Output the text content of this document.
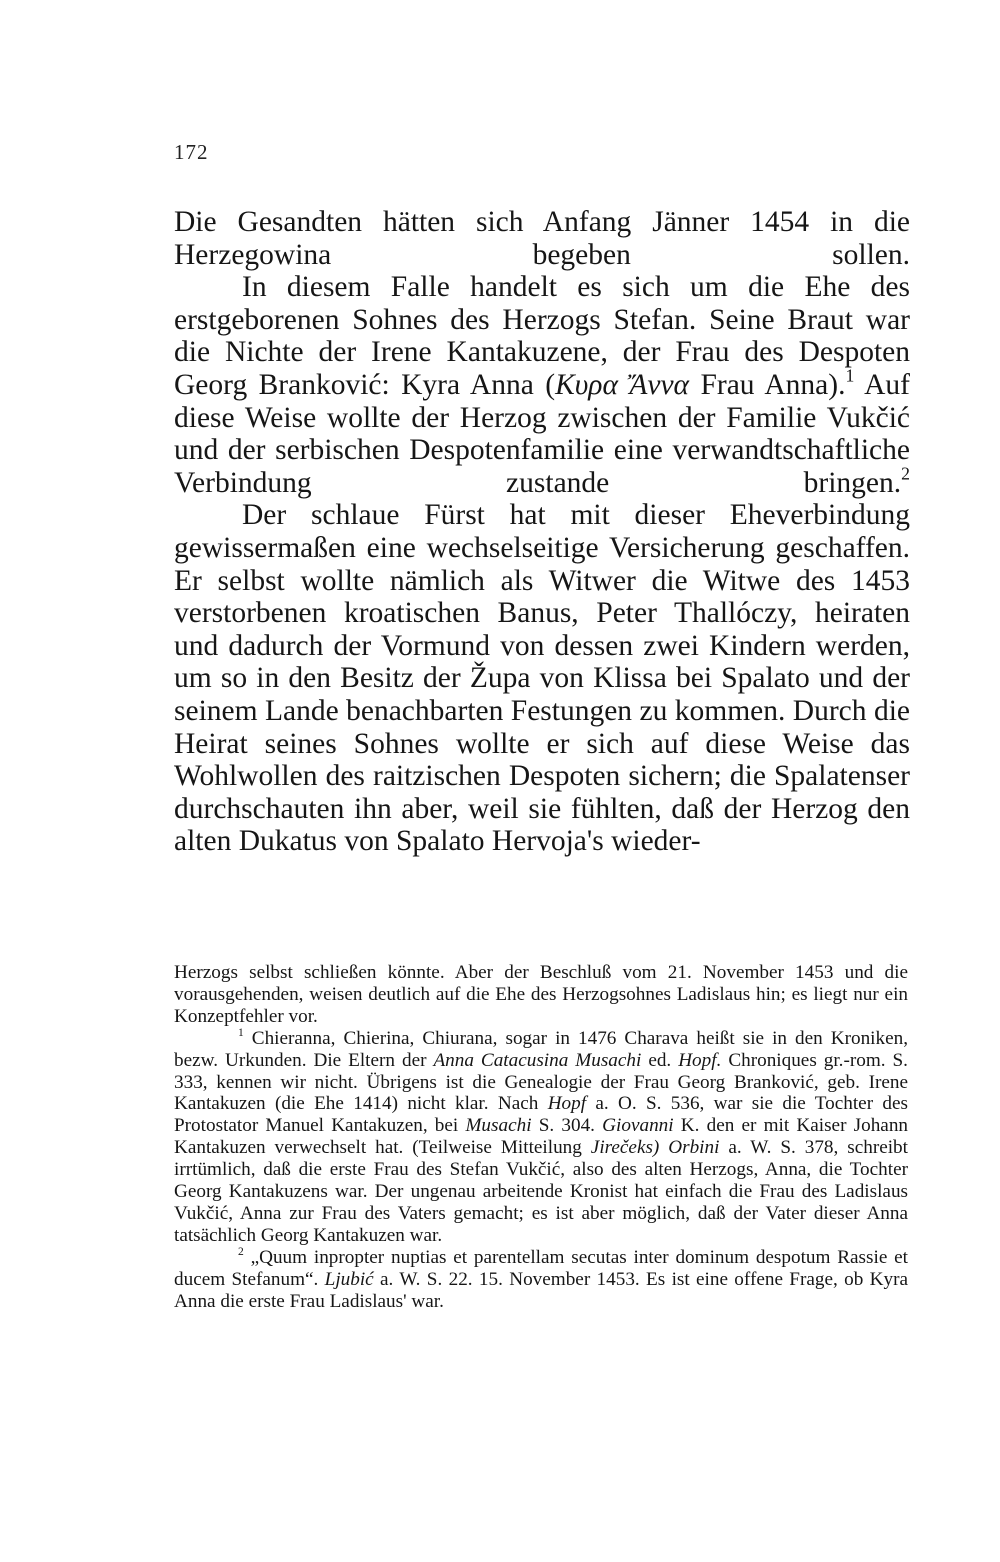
172

Die Gesandten hätten sich Anfang Jänner 1454 in die Herzegowina begeben sollen.

In diesem Falle handelt es sich um die Ehe des erstgeborenen Sohnes des Herzogs Stefan. Seine Braut war die Nichte der Irene Kantakuzene, der Frau des Despoten Georg Branković: Kyra Anna (Κυρα Ἄννα Frau Anna).$^1$ Auf diese Weise wollte der Herzog zwischen der Familie Vukčić und der serbischen Despotenfamilie eine verwandtschaftliche Verbindung zustande bringen.$^2$

Der schlaue Fürst hat mit dieser Eheverbindung gewissermaßen eine wechselseitige Versicherung geschaffen. Er selbst wollte nämlich als Witwer die Witwe des 1453 verstorbenen kroatischen Banus, Peter Thallóczy, heiraten und dadurch der Vormund von dessen zwei Kindern werden, um so in den Besitz der Župa von Klissa bei Spalato und der seinem Lande benachbarten Festungen zu kommen. Durch die Heirat seines Sohnes wollte er sich auf diese Weise das Wohlwollen des raitzischen Despoten sichern; die Spalatenser durchschauten ihn aber, weil sie fühlten, daß der Herzog den alten Dukatus von Spalato Hervoja's wieder-

Herzogs selbst schließen könnte. Aber der Beschluß vom 21. November 1453 und die vorausgehenden, weisen deutlich auf die Ehe des Herzogsohnes Ladislaus hin; es liegt nur ein Konzeptfehler vor.

$^1$ Chieranna, Chierina, Chiurana, sogar in 1476 Charava heißt sie in den Kroniken, bezw. Urkunden. Die Eltern der Anna Catacusina Musachi ed. Hopf. Chroniques gr.-rom. S. 333, kennen wir nicht. Übrigens ist die Genealogie der Frau Georg Branković, geb. Irene Kantakuzen (die Ehe 1414) nicht klar. Nach Hopf a. O. S. 536, war sie die Tochter des Protostator Manuel Kantakuzen, bei Musachi S. 304. Giovanni K. den er mit Kaiser Johann Kantakuzen verwechselt hat. (Teilweise Mitteilung Jirečeks) Orbini a. W. S. 378, schreibt irrtümlich, daß die erste Frau des Stefan Vukčić, also des alten Herzogs, Anna, die Tochter Georg Kantakuzens war. Der ungenau arbeitende Kronist hat einfach die Frau des Ladislaus Vukčić, Anna zur Frau des Vaters gemacht; es ist aber möglich, daß der Vater dieser Anna tatsächlich Georg Kantakuzen war.

$^2$ „Quum inpropter nuptias et parentellam secutas inter dominum despotum Rassie et ducem Stefanum“. Ljubić a. W. S. 22. 15. November 1453. Es ist eine offene Frage, ob Kyra Anna die erste Frau Ladislaus' war.
